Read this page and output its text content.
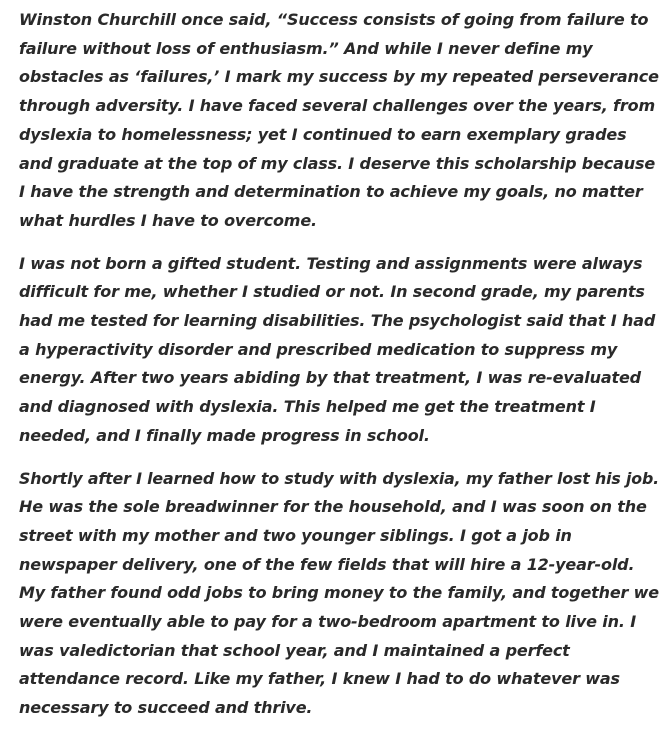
Winston Churchill once said, “Success consists of going from failure to
failure without loss of enthusiasm.” And while I never define my
obstacles as ‘failures,’ I mark my success by my repeated perseverance
through adversity. I have faced several challenges over the years, from
dyslexia to homelessness; yet I continued to earn exemplary grades
and graduate at the top of my class. I deserve this scholarship because
I have the strength and determination to achieve my goals, no matter
what hurdles I have to overcome.

I was not born a gifted student. Testing and assignments were always
difficult for me, whether I studied or not. In second grade, my parents
had me tested for learning disabilities. The psychologist said that I had
a hyperactivity disorder and prescribed medication to suppress my
energy. After two years abiding by that treatment, I was re-evaluated
and diagnosed with dyslexia. This helped me get the treatment I
needed, and I finally made progress in school.

Shortly after I learned how to study with dyslexia, my father lost his job.
He was the sole breadwinner for the household, and I was soon on the
street with my mother and two younger siblings. I got a job in
newspaper delivery, one of the few fields that will hire a 12-year-old.
My father found odd jobs to bring money to the family, and together we
were eventually able to pay for a two-bedroom apartment to live in. I
was valedictorian that school year, and I maintained a perfect
attendance record. Like my father, I knew I had to do whatever was
necessary to succeed and thrive.
